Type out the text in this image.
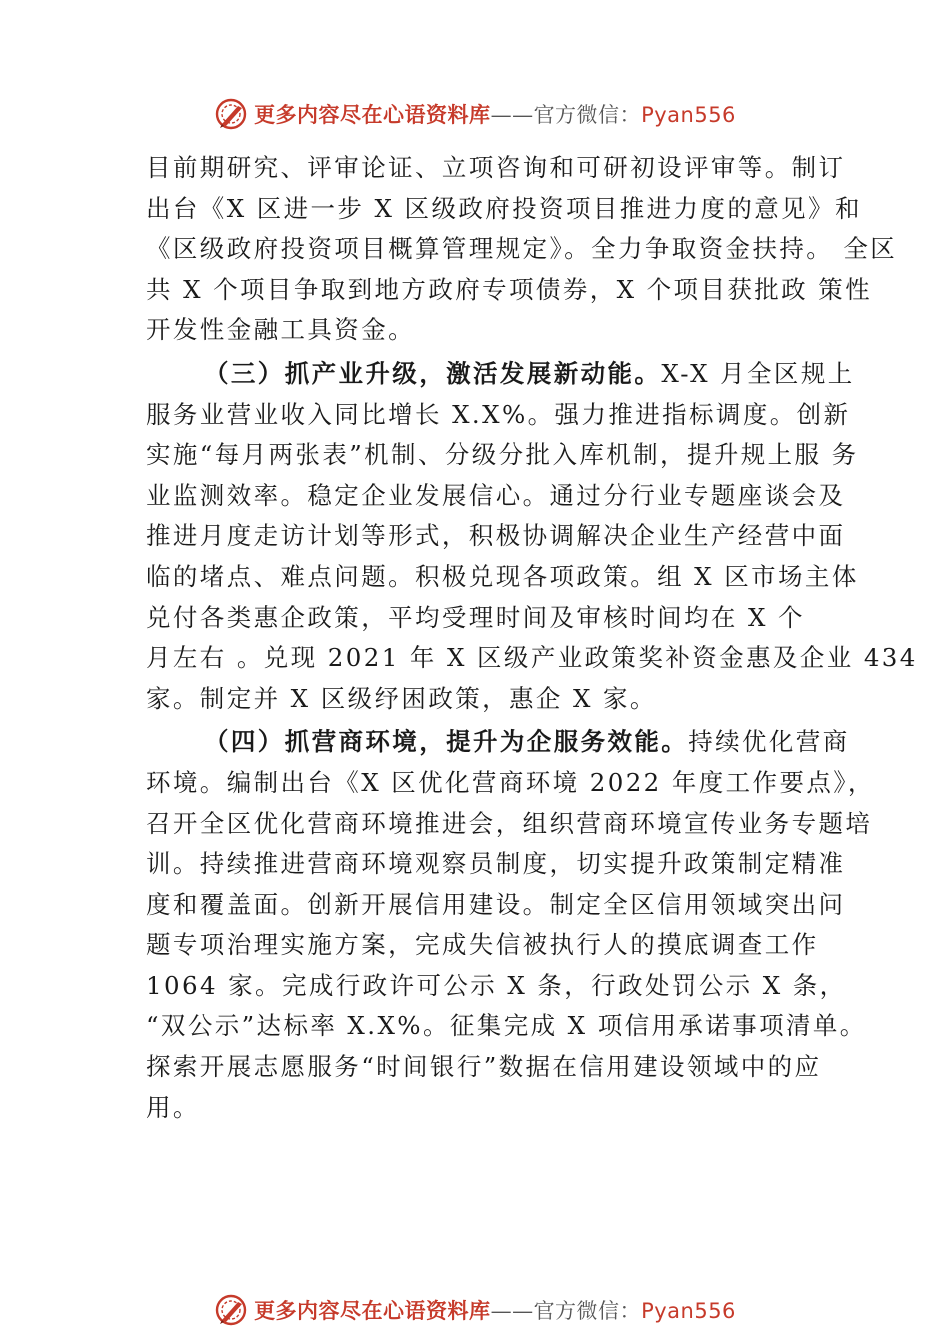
更多内容尽在心语资料库——官方微信：Pyan556
目前期研究、评审论证、立项咨询和可研初设评审等。制订
出台《X 区进一步 X 区级政府投资项目推进力度的意见》和
《区级政府投资项目概算管理规定》。全力争取资金扶持。 全区
共 X 个项目争取到地方政府专项债券，X 个项目获批政 策性
开发性金融工具资金。
（三）抓产业升级，激活发展新动能。X-X 月全区规上
服务业营业收入同比增长 X.X%。强力推进指标调度。创新
实施“每月两张表”机制、分级分批入库机制，提升规上服 务
业监测效率。稳定企业发展信心。通过分行业专题座谈会及
推进月度走访计划等形式，积极协调解决企业生产经营中面
临的堵点、难点问题。积极兑现各项政策。组 X 区市场主体
兑付各类惠企政策，平均受理时间及审核时间均在 X 个
月左右 。兑现 2021 年 X 区级产业政策奖补资金惠及企业 434
家。制定并 X 区级纾困政策，惠企 X 家。
（四）抓营商环境，提升为企服务效能。持续优化营商
环境。编制出台《X 区优化营商环境 2022 年度工作要点》，
召开全区优化营商环境推进会，组织营商环境宣传业务专题培
训。持续推进营商环境观察员制度，切实提升政策制定精准
度和覆盖面。创新开展信用建设。制定全区信用领域突出问
题专项治理实施方案，完成失信被执行人的摸底调查工作
1064 家。完成行政许可公示 X 条，行政处罚公示 X 条，
“双公示”达标率 X.X%。征集完成 X 项信用承诺事项清单。
探索开展志愿服务“时间银行”数据在信用建设领域中的应
用。
更多内容尽在心语资料库——官方微信：Pyan556
